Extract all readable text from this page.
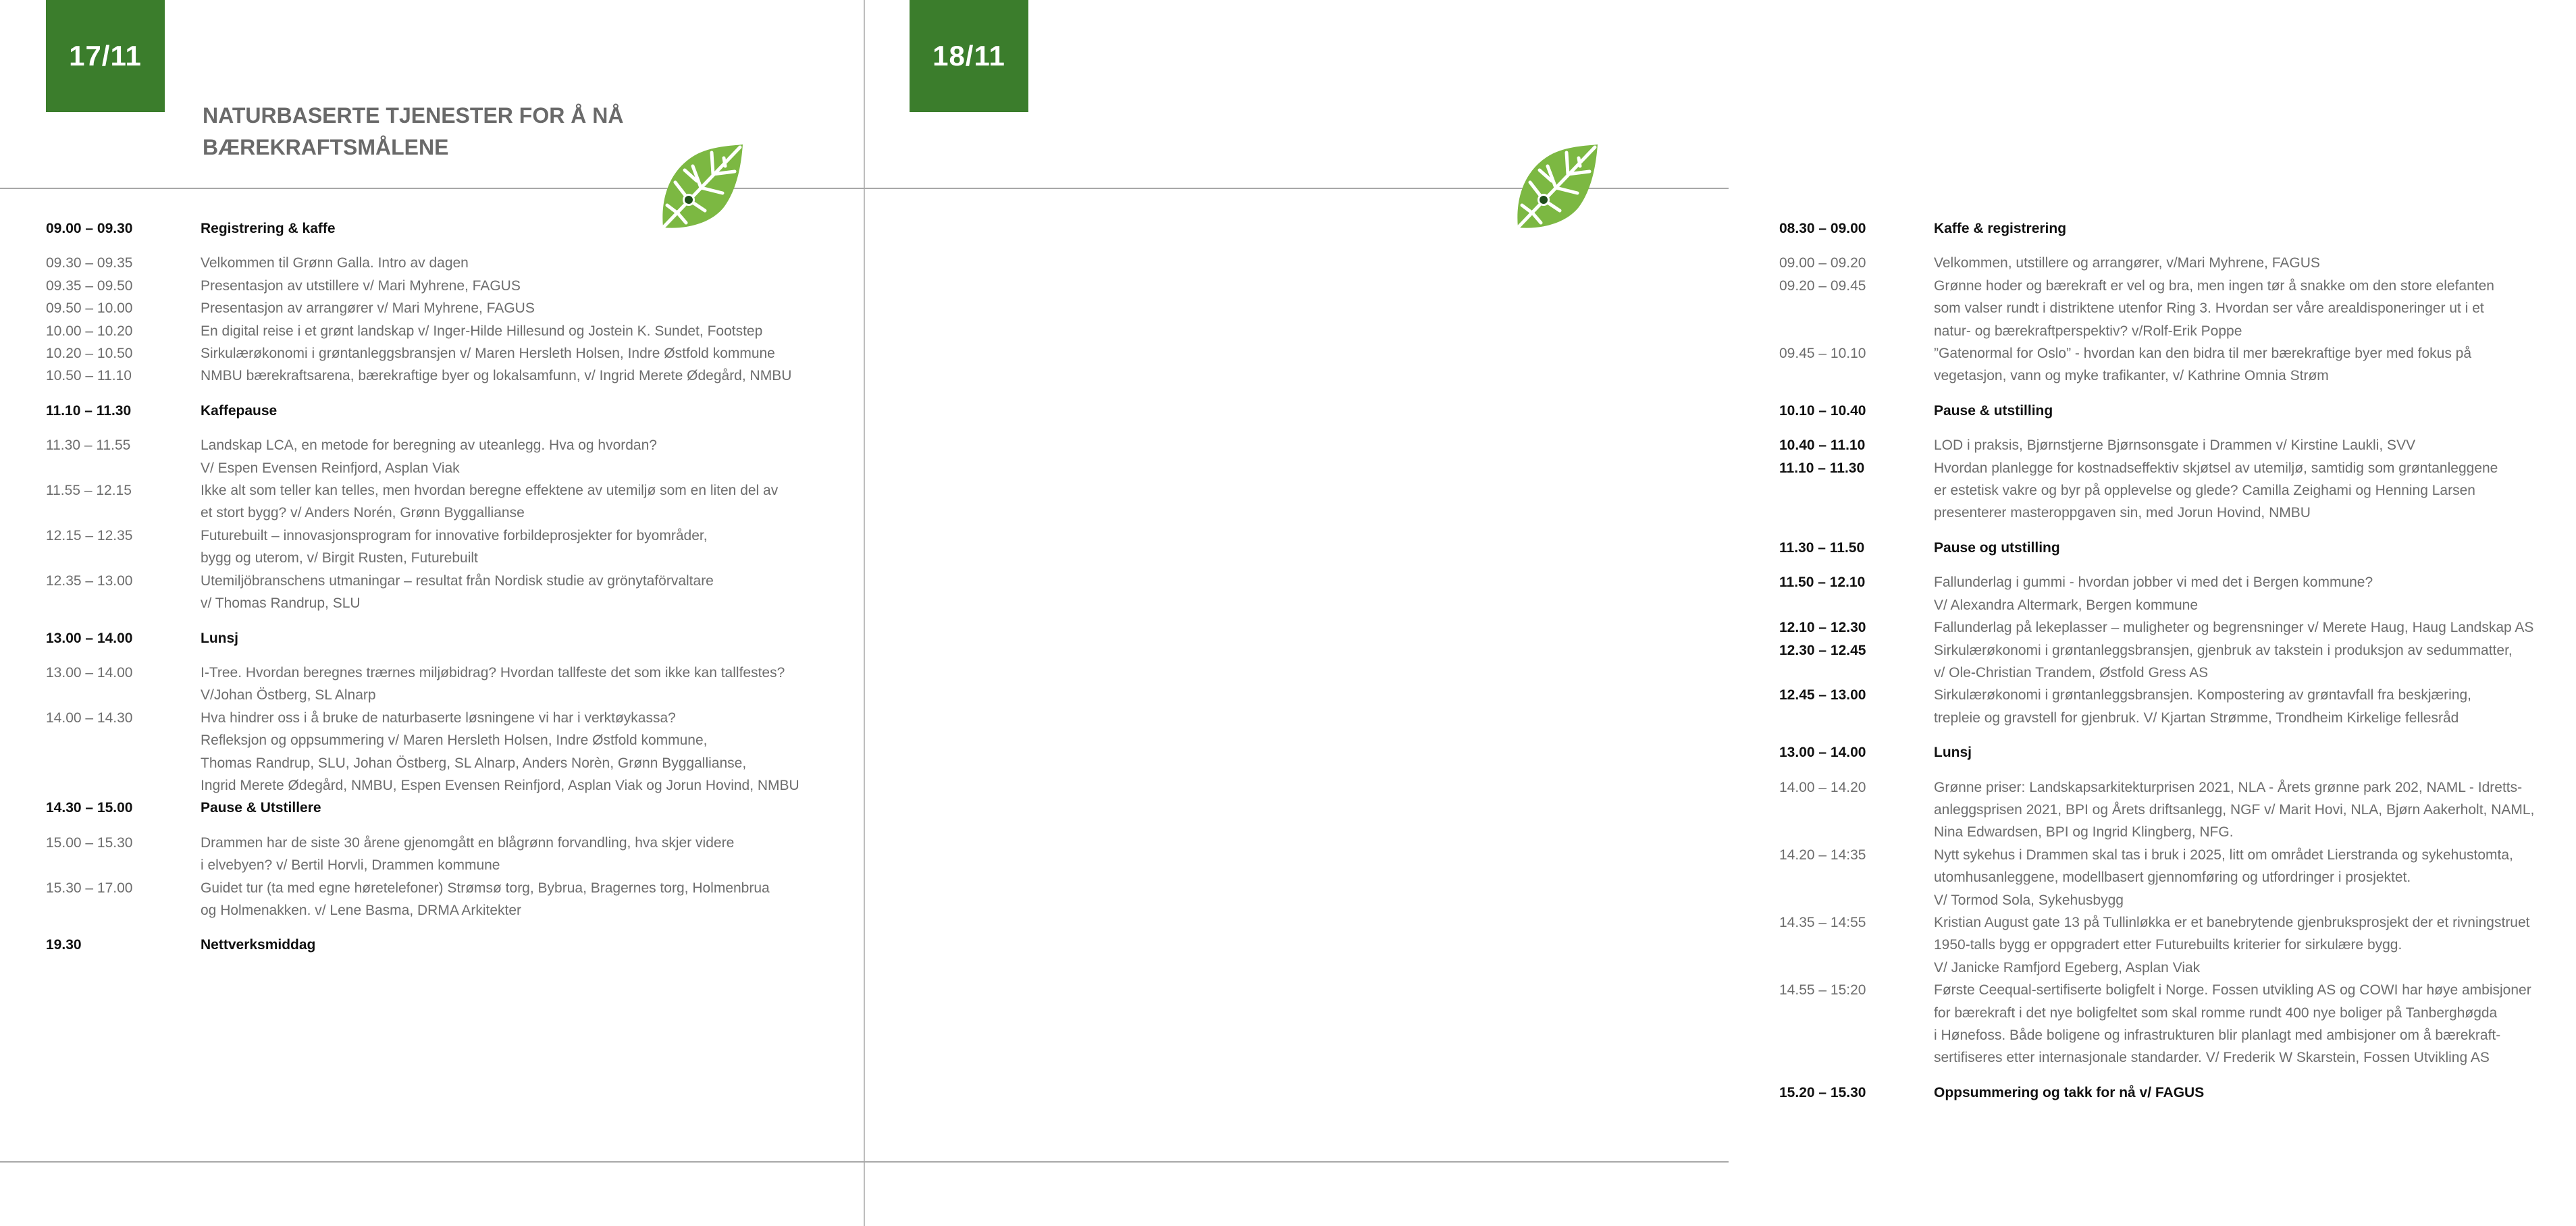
17/11
NATURBASERTE TJENESTER FOR Å NÅ
BÆREKRAFTSMÅLENE
09.00 – 09.30	Registrering & kaffe
09.30 – 09.35	Velkommen til Grønn Galla. Intro av dagen
09.35 – 09.50	Presentasjon av utstillere v/ Mari Myhrene, FAGUS
09.50 – 10.00	Presentasjon av arrangører v/ Mari Myhrene, FAGUS
10.00 – 10.20	En digital reise i et grønt landskap v/ Inger-Hilde Hillesund og Jostein K. Sundet, Footstep
10.20 – 10.50	Sirkulærøkonomi i grøntanleggsbransjen v/ Maren Hersleth Holsen, Indre Østfold kommune
10.50 – 11.10	NMBU bærekraftsarena, bærekraftige byer og lokalsamfunn, v/ Ingrid Merete Ødegård, NMBU
11.10 – 11.30	Kaffepause
11.30 – 11.55	Landskap LCA, en metode for beregning av uteanlegg. Hva og hvordan?
V/ Espen Evensen Reinfjord, Asplan Viak
11.55 – 12.15	Ikke alt som teller kan telles, men hvordan beregne effektene av utemiljø som en liten del av
et stort bygg? v/ Anders Norén, Grønn Byggallianse
12.15 – 12.35	Futurebuilt – innovasjonsprogram for innovative forbildeprosjekter for byområder,
bygg og uterom, v/ Birgit Rusten, Futurebuilt
12.35 – 13.00	Utemiljöbranschens utmaningar – resultat från Nordisk studie av grönytaförvaltare
v/ Thomas Randrup, SLU
13.00 – 14.00	Lunsj
13.00 – 14.00	I-Tree. Hvordan beregnes trærnes miljøbidrag? Hvordan tallfeste det som ikke kan tallfestes?
V/Johan Östberg, SL Alnarp
14.00 – 14.30	Hva hindrer oss i å bruke de naturbaserte løsningene vi har i verktøykassa?
Refleksjon og oppsummering v/ Maren Hersleth Holsen, Indre Østfold kommune,
Thomas Randrup, SLU, Johan Östberg, SL Alnarp, Anders Norèn, Grønn Byggallianse,
Ingrid Merete Ødegård, NMBU, Espen Evensen Reinfjord, Asplan Viak og Jorun Hovind, NMBU
14.30 – 15.00	Pause & Utstillere
15.00 – 15.30	Drammen har de siste 30 årene gjenomgått en blågrønn forvandling, hva skjer videre
i elvebyen? v/ Bertil Horvli, Drammen kommune
15.30 – 17.00	Guidet tur (ta med egne høretelefoner) Strømsø torg, Bybrua, Bragernes torg, Holmenbrua
og Holmenakken. v/ Lene Basma, DRMA Arkitekter
19.30	Nettverksmiddag
18/11
08.30 – 09.00	Kaffe & registrering
09.00 – 09.20	Velkommen, utstillere og arrangører, v/Mari Myhrene, FAGUS
09.20 – 09.45	Grønne hoder og bærekraft er vel og bra, men ingen tør å snakke om den store elefanten
som valser rundt i distriktene utenfor Ring 3. Hvordan ser våre arealdisponeringer ut i et
natur- og bærekraftperspektiv? v/Rolf-Erik Poppe
09.45 – 10.10	”Gatenormal for Oslo” - hvordan kan den bidra til mer bærekraftige byer med fokus på
vegetasjon, vann og myke trafikanter, v/ Kathrine Omnia Strøm
10.10 – 10.40	Pause & utstilling
10.40 – 11.10	LOD i praksis, Bjørnstjerne Bjørnsonsgate i Drammen v/ Kirstine Laukli, SVV
11.10 – 11.30	Hvordan planlegge for kostnadseffektiv skjøtsel av utemiljø, samtidig som grøntanleggene
er estetisk vakre og byr på opplevelse og glede? Camilla Zeighami og Henning Larsen
presenterer masteroppgaven sin, med Jorun Hovind, NMBU
11.30 – 11.50	Pause og utstilling
11.50 – 12.10	Fallunderlag i gummi - hvordan jobber vi med det i Bergen kommune?
V/ Alexandra Altermark, Bergen kommune
12.10 – 12.30	Fallunderlag på lekeplasser – muligheter og begrensninger v/ Merete Haug, Haug Landskap AS
12.30 – 12.45	Sirkulærøkonomi i grøntanleggsbransjen, gjenbruk av takstein i produksjon av sedummatter,
v/ Ole-Christian Trandem, Østfold Gress AS
12.45 – 13.00	Sirkulærøkonomi i grøntanleggsbransjen. Kompostering av grøntavfall fra beskjæring,
trepleie og gravstell for gjenbruk. V/ Kjartan Strømme, Trondheim Kirkelige fellesråd
13.00 – 14.00	Lunsj
14.00 – 14.20	Grønne priser: Landskapsarkitekturprisen 2021, NLA - Årets grønne park 202, NAML - Idretts-
anleggsprisen 2021, BPI og Årets driftsanlegg, NGF v/ Marit Hovi, NLA, Bjørn Aakerholt, NAML,
Nina Edwardsen, BPI og Ingrid Klingberg, NFG.
14.20 – 14:35	Nytt sykehus i Drammen skal tas i bruk i 2025, litt om området Lierstranda og sykehustomta,
utomhusanleggene, modellbasert gjennomføring og utfordringer i prosjektet.
V/ Tormod Sola, Sykehusbygg
14.35 – 14:55	Kristian August gate 13 på Tullinløkka er et banebrytende gjenbruksprosjekt der et rivningstruet
1950-talls bygg er oppgradert etter Futurebuilts kriterier for sirkulære bygg.
V/ Janicke Ramfjord Egeberg, Asplan Viak
14.55 – 15:20	Første Ceequal-sertifiserte boligfelt i Norge. Fossen utvikling AS og COWI har høye ambisjoner
for bærekraft i det nye boligfeltet som skal romme rundt 400 nye boliger på Tanberghøgda
i Hønefoss. Både boligene og infrastrukturen blir planlagt med ambisjoner om å bærekraft-
sertifiseres etter internasjonale standarder. V/ Frederik W Skarstein, Fossen Utvikling AS
15.20 – 15.30	Oppsummering og takk for nå v/ FAGUS
